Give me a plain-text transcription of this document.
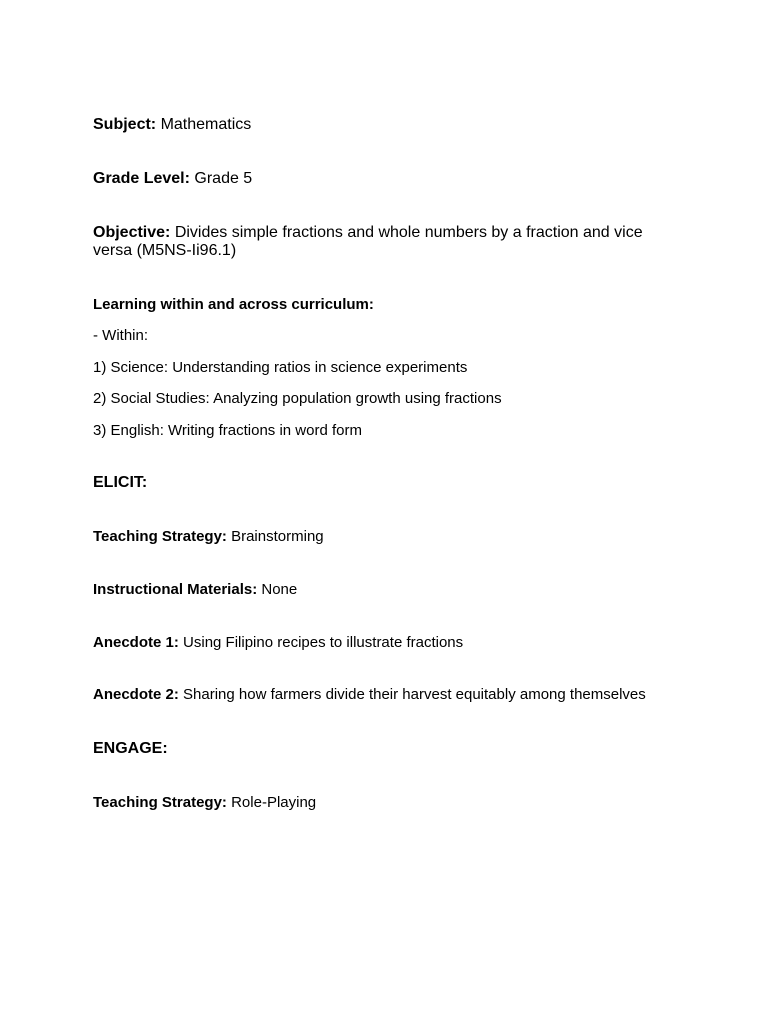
Subject: Mathematics

Grade Level: Grade 5

Objective: Divides simple fractions and whole numbers by a fraction and vice versa (M5NS-Ii96.1)

Learning within and across curriculum:

- Within:

1) Science: Understanding ratios in science experiments

2) Social Studies: Analyzing population growth using fractions

3) English: Writing fractions in word form

ELICIT:

Teaching Strategy: Brainstorming

Instructional Materials: None

Anecdote 1: Using Filipino recipes to illustrate fractions

Anecdote 2: Sharing how farmers divide their harvest equitably among themselves

ENGAGE:

Teaching Strategy: Role-Playing
